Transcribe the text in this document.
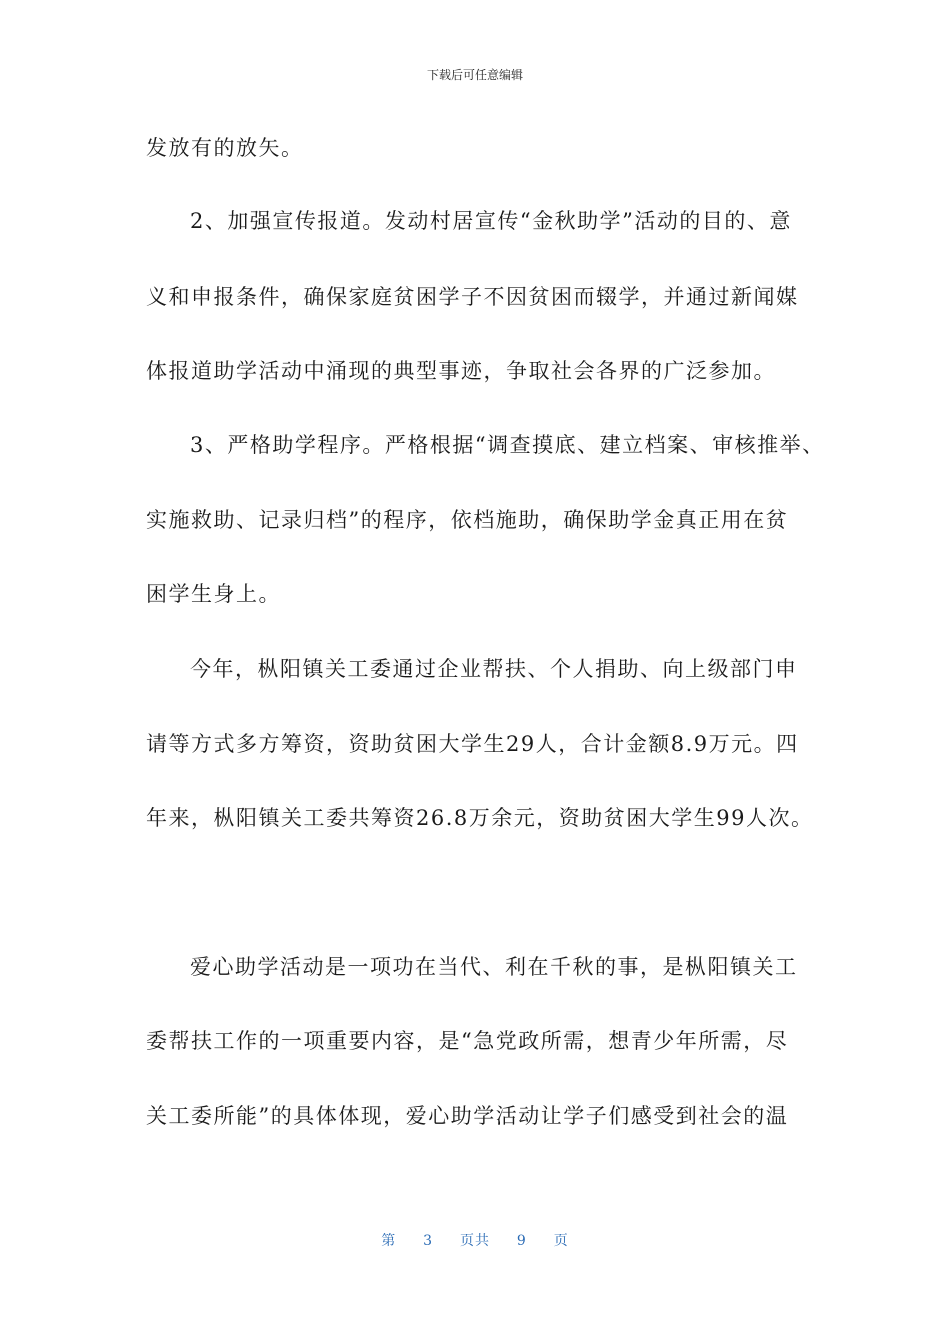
下载后可任意编辑
发放有的放矢。
2、加强宣传报道。发动村居宣传“金秋助学”活动的目的、意
义和申报条件，确保家庭贫困学子不因贫困而辍学，并通过新闻媒
体报道助学活动中涌现的典型事迹，争取社会各界的广泛参加。
3、严格助学程序。严格根据“调查摸底、建立档案、审核推举、
实施救助、记录归档”的程序，依档施助，确保助学金真正用在贫
困学生身上。
今年，枞阳镇关工委通过企业帮扶、个人捐助、向上级部门申
请等方式多方筹资，资助贫困大学生29人，合计金额8.9万元。四
年来，枞阳镇关工委共筹资26.8万余元，资助贫困大学生99人次。
爱心助学活动是一项功在当代、利在千秋的事，是枞阳镇关工
委帮扶工作的一项重要内容，是“急党政所需，想青少年所需，尽
关工委所能”的具体体现，爱心助学活动让学子们感受到社会的温
第 3 页共 9 页
